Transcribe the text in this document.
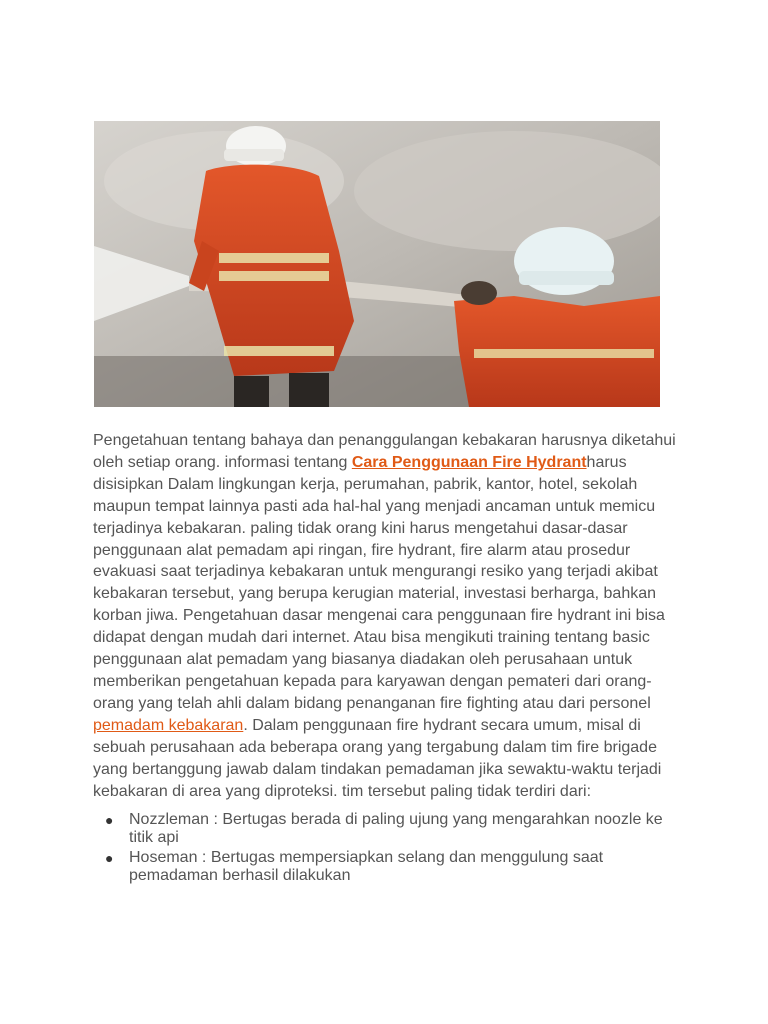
Pengetahuan tentang bahaya dan penanggulangan kebakaran harusnya diketahui oleh setiap orang. informasi tentang Cara Penggunaan Fire Hydrantharus disisipkan Dalam lingkungan kerja, perumahan, pabrik, kantor, hotel, sekolah maupun tempat lainnya pasti ada hal-hal yang menjadi ancaman untuk memicu terjadinya kebakaran. paling tidak orang kini harus mengetahui dasar-dasar penggunaan alat pemadam api ringan, fire hydrant, fire alarm atau prosedur evakuasi saat terjadinya kebakaran untuk mengurangi resiko yang terjadi akibat kebakaran tersebut, yang berupa kerugian material, investasi berharga, bahkan korban jiwa. Pengetahuan dasar mengenai cara penggunaan fire hydrant ini bisa didapat dengan mudah dari internet. Atau bisa mengikuti training tentang basic penggunaan alat pemadam yang biasanya diadakan oleh perusahaan untuk memberikan pengetahuan kepada para karyawan dengan pemateri dari orang-orang yang telah ahli dalam bidang penanganan fire fighting atau dari personel pemadam kebakaran. Dalam penggunaan fire hydrant secara umum, misal di sebuah perusahaan ada beberapa orang yang tergabung dalam tim fire brigade yang bertanggung jawab dalam tindakan pemadaman jika sewaktu-waktu terjadi kebakaran di area yang diproteksi. tim tersebut paling tidak terdiri dari:

● Nozzleman : Bertugas berada di paling ujung yang mengarahkan noozle ke titik api
● Hoseman : Bertugas mempersiapkan selang dan menggulung saat pemadaman berhasil dilakukan
